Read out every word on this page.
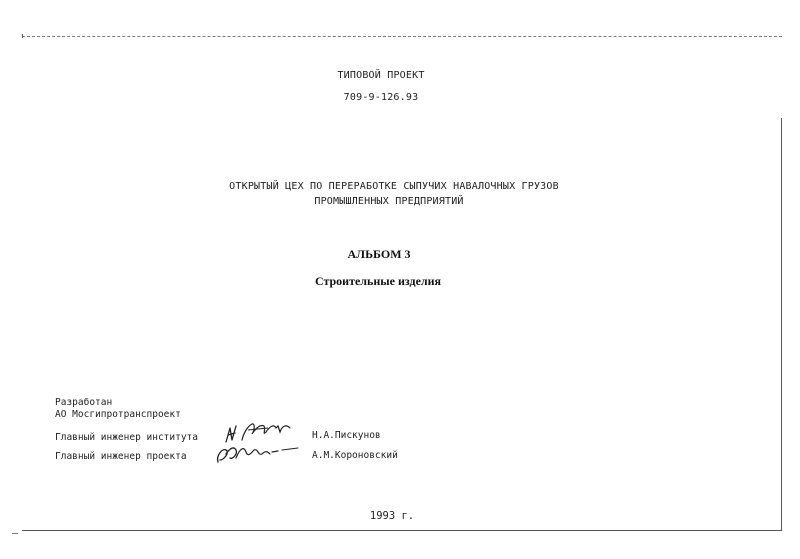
ТИПОВОЙ ПРОЕКТ
709-9-126.93
ОТКРЫТЫЙ ЦЕХ ПО ПЕРЕРАБОТКЕ СЫПУЧИХ НАВАЛОЧНЫХ ГРУЗОВ
ПРОМЫШЛЕННЫХ ПРЕДПРИЯТИЙ
АЛЬБОМ 3
Строительные изделия
Разработан
АО Мосгипротранспроект
Главный инженер института
Главный инженер проекта
Н.А.Пискунов
А.М.Короновский
1993 г.
